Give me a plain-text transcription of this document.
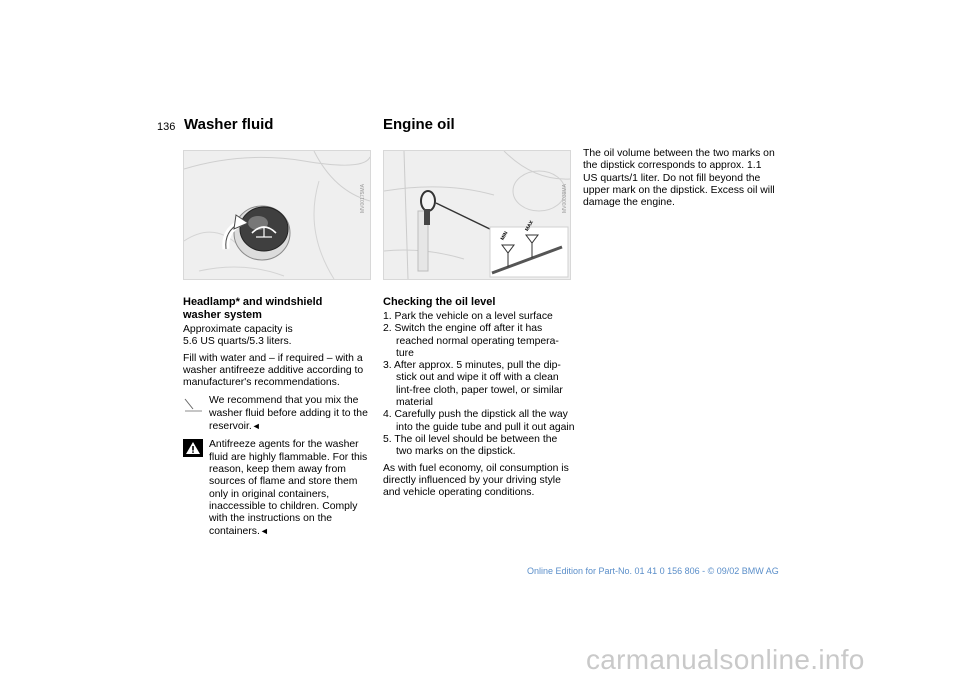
136 Washer fluid	Engine oil
MV00175MA
MIN
MAX
MV00039MA
Headlamp* and windshield
washer system

Approximate capacity is
5.6 US quarts/5.3 liters.

Fill with water and – if required – with a washer antifreeze additive according to manufacturer's recommendations.

We recommend that you mix the
washer fluid before adding it to the reservoir.◄
Antifreeze agents for the washer
fluid are highly flammable. For this reason, keep them away from sources of flame and store them only in original containers, inaccessible to children. Comply with the instructions on the containers.◄
Checking the oil level
1. Park the vehicle on a level surface
2. Switch the engine off after it has reached normal operating tempera-ture
3. After approx. 5 minutes, pull the dip-stick out and wipe it off with a clean lint-free cloth, paper towel, or similar material
4. Carefully push the dipstick all the way into the guide tube and pull it out again
5. The oil level should be between the two marks on the dipstick.

As with fuel economy, oil consumption is directly influenced by your driving style and vehicle operating conditions.

The oil volume between the two marks on the dipstick corresponds to approx. 1.1 US quarts/1 liter. Do not fill beyond the upper mark on the dipstick. Excess oil will damage the engine.

Online Edition for Part-No. 01 41 0 156 806 - © 09/02 BMW AG
carmanualsonline.info
